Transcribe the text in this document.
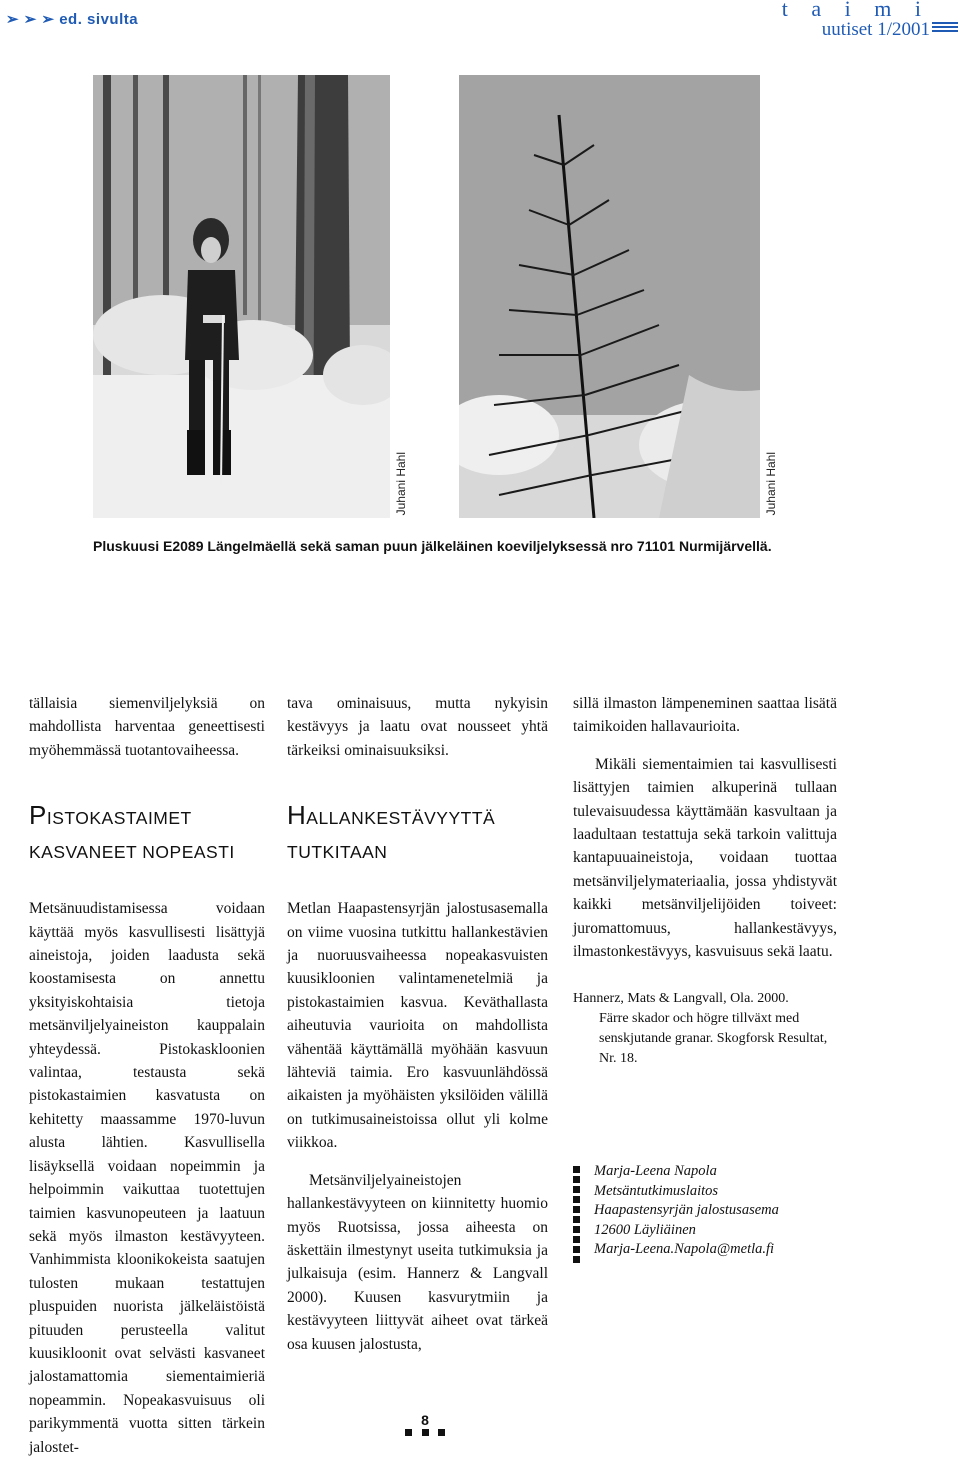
➢ ➢ ➢ ed. sivulta	t a i m i
uutiset 1/2001
Juhani Hahl	Juhani Hahl
Pluskuusi E2089 Längelmäellä sekä saman puun jälkeläinen koeviljelyksessä nro 71101 Nurmijärvellä.

tällaisia siemenviljelyksiä on mahdollista harventaa geneettisesti myöhemmässä tuotantovaiheessa.

PISTOKASTAIMET
KASVANEET NOPEASTI

Metsänuudistamisessa voidaan käyttää myös kasvullisesti lisättyjä aineistoja, joiden laadusta sekä koostamisesta on annettu yksityiskohtaisia tietoja metsänviljelyaineiston kauppalain yhteydessä. Pistokaskloonien valintaa, testausta sekä pistokastaimien kasvatusta on kehitetty maassamme 1970-luvun alusta lähtien. Kasvullisella lisäyksellä voidaan nopeimmin ja helpoimmin vaikuttaa tuotettujen taimien kasvunopeuteen ja laatuun sekä myös ilmaston kestävyyteen. Vanhimmista kloonikokeista saatujen tulosten mukaan testattujen pluspuiden nuorista jälkeläistöistä pituuden perusteella valitut kuusikloonit ovat selvästi kasvaneet jalostamattomia siementaimieriä nopeammin. Nopeakasvuisuus oli parikymmentä vuotta sitten tärkein jalostet-

tava ominaisuus, mutta nykyisin kestävyys ja laatu ovat nousseet yhtä tärkeiksi ominaisuuksiksi.

HALLANKESTÄVYYTTÄ
TUTKITAAN

Metlan Haapastensyrjän jalostusasemalla on viime vuosina tutkittu hallankestävien ja nuoruusvaiheessa nopeakasvuisten kuusikloonien valintamenetelmiä ja pistokastaimien kasvua. Keväthallasta aiheutuvia vaurioita on mahdollista vähentää käyttämällä myöhään kasvuun lähteviä taimia. Ero kasvuunlähdössä aikaisten ja myöhäisten yksilöiden välillä on tutkimusaineistoissa ollut yli kolme viikkoa.

Metsänviljelyaineistojen hallankestävyyteen on kiinnitetty huomio myös Ruotsissa, jossa aiheesta on äskettäin ilmestynyt useita tutkimuksia ja julkaisuja (esim. Hannerz & Langvall 2000). Kuusen kasvurytmiin ja kestävyyteen liittyvät aiheet ovat tärkeä osa kuusen jalostusta,

sillä ilmaston lämpeneminen saattaa lisätä taimikoiden hallavaurioita.

Mikäli siementaimien tai kasvullisesti lisättyjen taimien alkuperinä tullaan tulevaisuudessa käyttämään kasvultaan ja laadultaan testattuja sekä tarkoin valittuja kantapuuaineistoja, voidaan tuottaa metsänviljelymateriaalia, jossa yhdistyvät kaikki metsänviljelijöiden toiveet: juromattomuus, hallankestävyys, ilmastonkestävyys, kasvuisuus sekä laatu.

Hannerz, Mats & Langvall, Ola. 2000.
Färre skador och högre tillväxt med senskjutande granar. Skogforsk Resultat, Nr. 18.
Marja-Leena Napola
Metsäntutkimuslaitos
Haapastensyrjän jalostusasema
12600 Läyliäinen
Marja-Leena.Napola@metla.fi
8
